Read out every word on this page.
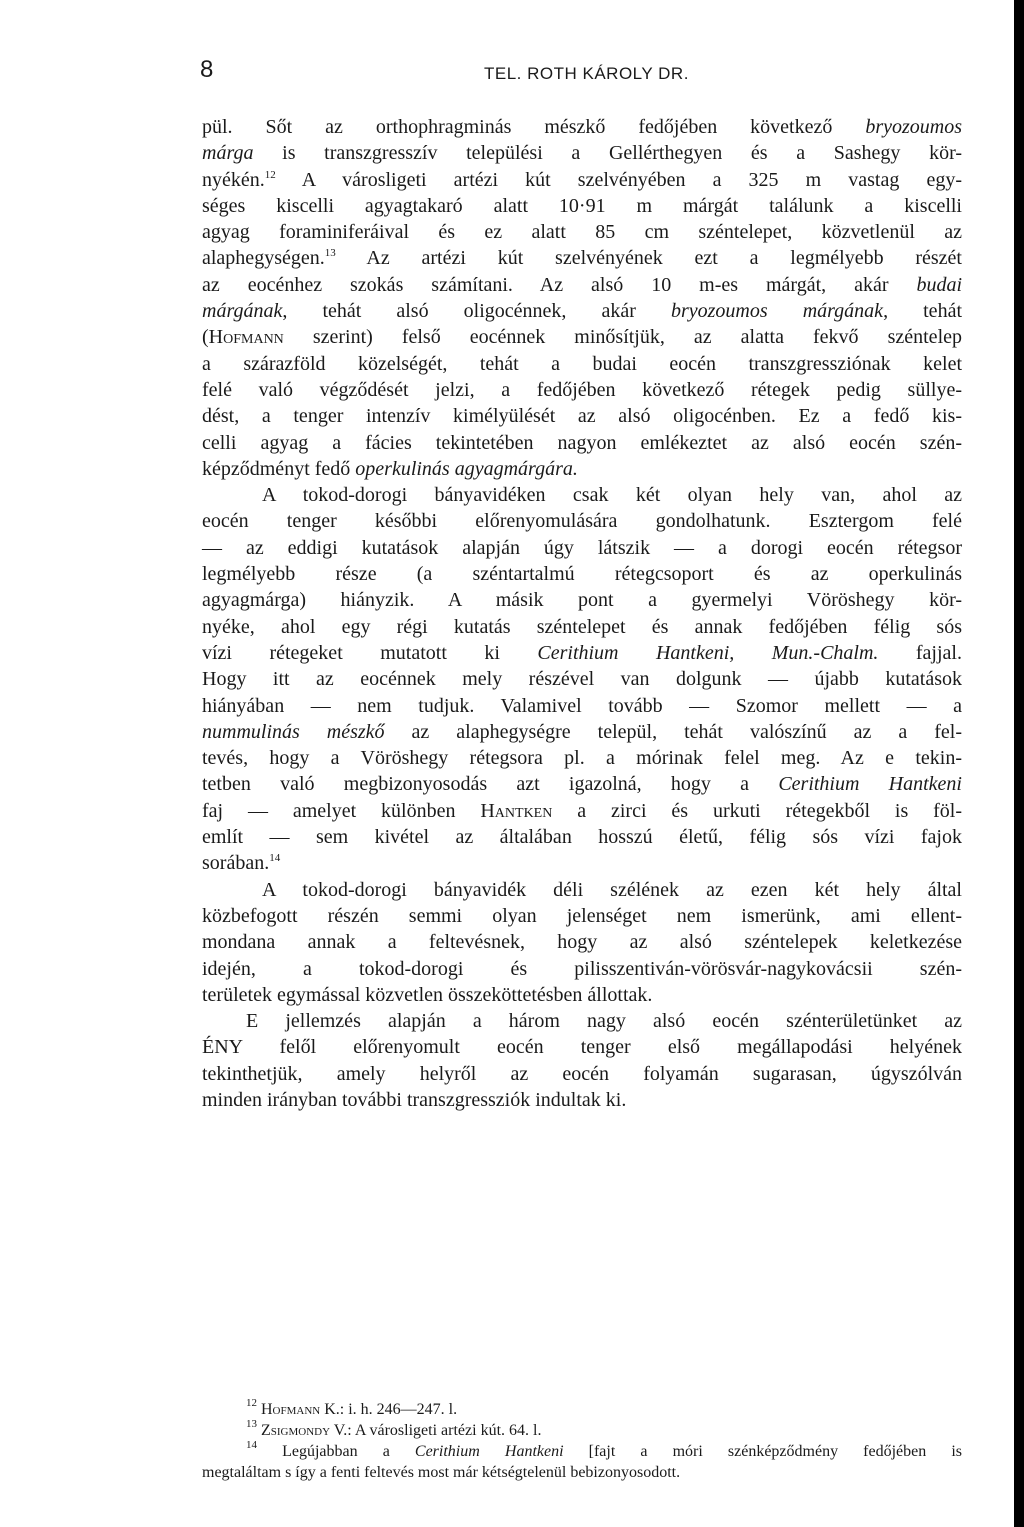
8	TEL. ROTH KÁROLY DR.

pül. Sőt az orthophragminás mészkő fedőjében következő bryozoumos
márga is transzgresszív települési a Gellérthegyen és a Sashegy kör-
nyékén.$^{12}$ A városligeti artézi kút szelvényében a 325 m vastag egy-
séges kiscelli agyagtakaró alatt 10·91 m márgát találunk a kiscelli
agyag foraminiferáival és ez alatt 85 cm széntelepet, közvetlenül az
alaphegységen.$^{13}$ Az artézi kút szelvényének ezt a legmélyebb részét
az eocénhez szokás számítani. Az alsó 10 m-es márgát, akár budai
márgának, tehát alsó oligocénnek, akár bryozoumos márgának, tehát
(Hofmann szerint) felső eocénnek minősítjük, az alatta fekvő széntelep
a szárazföld közelségét, tehát a budai eocén transzgressziónak kelet
felé való végződését jelzi, a fedőjében következő rétegek pedig süllye-
dést, a tenger intenzív kimélyülését az alsó oligocénben. Ez a fedő kis-
celli agyag a fácies tekintetében nagyon emlékeztet az alsó eocén szén-
képződményt fedő operkulinás agyagmárgára.

A tokod-dorogi bányavidéken csak két olyan hely van, ahol az
eocén tenger későbbi előrenyomulására gondolhatunk. Esztergom felé
— az eddigi kutatások alapján úgy látszik — a dorogi eocén rétegsor
legmélyebb része (a széntartalmú rétegcsoport és az operkulinás
agyagmárga) hiányzik. A másik pont a gyermelyi Vöröshegy kör-
nyéke, ahol egy régi kutatás széntelepet és annak fedőjében félig sós
vízi rétegeket mutatott ki Cerithium Hantkeni, Mun.-Chalm. fajjal.
Hogy itt az eocénnek mely részével van dolgunk — újabb kutatások
hiányában — nem tudjuk. Valamivel tovább — Szomor mellett — a
nummulinás mészkő az alaphegységre települ, tehát valószínű az a fel-
tevés, hogy a Vöröshegy rétegsora pl. a mórinak felel meg. Az e tekin-
tetben való megbizonyosodás azt igazolná, hogy a Cerithium Hantkeni
faj — amelyet különben Hantken a zirci és urkuti rétegekből is föl-
említ — sem kivétel az általában hosszú életű, félig sós vízi fajok
sorában.$^{14}$

A tokod-dorogi bányavidék déli szélének az ezen két hely által
közbefogott részén semmi olyan jelenséget nem ismerünk, ami ellent-
mondana annak a feltevésnek, hogy az alsó széntelepek keletkezése
idején, a tokod-dorogi és pilisszentiván-vörösvár-nagykovácsii szén-
területek egymással közvetlen összeköttetésben állottak.

E jellemzés alapján a három nagy alsó eocén szénterületünket az
ÉNY felől előrenyomult eocén tenger első megállapodási helyének
tekinthetjük, amely helyről az eocén folyamán sugarasan, úgyszólván
minden irányban további transzgressziók indultak ki.

$^{12}$ Hofmann K.: i. h. 246—247. l.
$^{13}$ Zsigmondy V.: A városligeti artézi kút. 64. l.
$^{14}$ Legújabban a Cerithium Hantkeni [fajt a móri szénképződmény fedőjében is
megtaláltam s így a fenti feltevés most már kétségtelenül bebizonyosodott.
